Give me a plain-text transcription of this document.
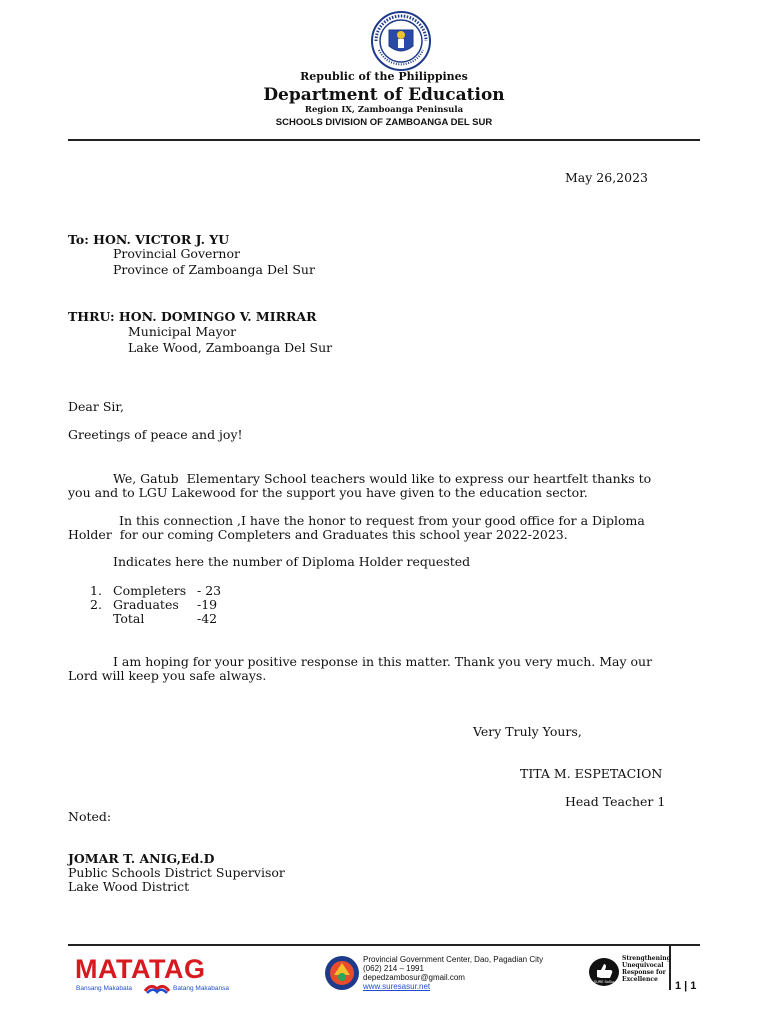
Republic of the Philippines
Department of Education
Region IX, Zamboanga Peninsula
SCHOOLS DIVISION OF ZAMBOANGA DEL SUR
May 26,2023
To: HON. VICTOR J. YU
Provincial Governor
Province of Zamboanga Del Sur
THRU: HON. DOMINGO V. MIRRAR
Municipal Mayor
Lake Wood, Zamboanga Del Sur
Dear Sir,
Greetings of peace and joy!
We, Gatub  Elementary School teachers would like to express our heartfelt thanks to
you and to LGU Lakewood for the support you have given to the education sector.
In this connection ,I have the honor to request from your good office for a Diploma
Holder  for our coming Completers and Graduates this school year 2022-2023.
Indicates here the number of Diploma Holder requested
1. Completers - 23
2. Graduates -19
Total	-42
I am hoping for your positive response in this matter. Thank you very much. May our
Lord will keep you safe always.
Very Truly Yours,
TITA M. ESPETACION
Head Teacher 1
Noted:
JOMAR T. ANIG,Ed.D
Public Schools District Supervisor
Lake Wood District
MATATAG
Bansang Makabata	Batang Makabansa
Provincial Government Center, Dao, Pagadian City
(062) 214 – 1991
depedzambosur@gmail.com
www.suresasur.net	SURE SaSur
Strengthening
Unequivocal
Response for
Excellence
1 | 1
